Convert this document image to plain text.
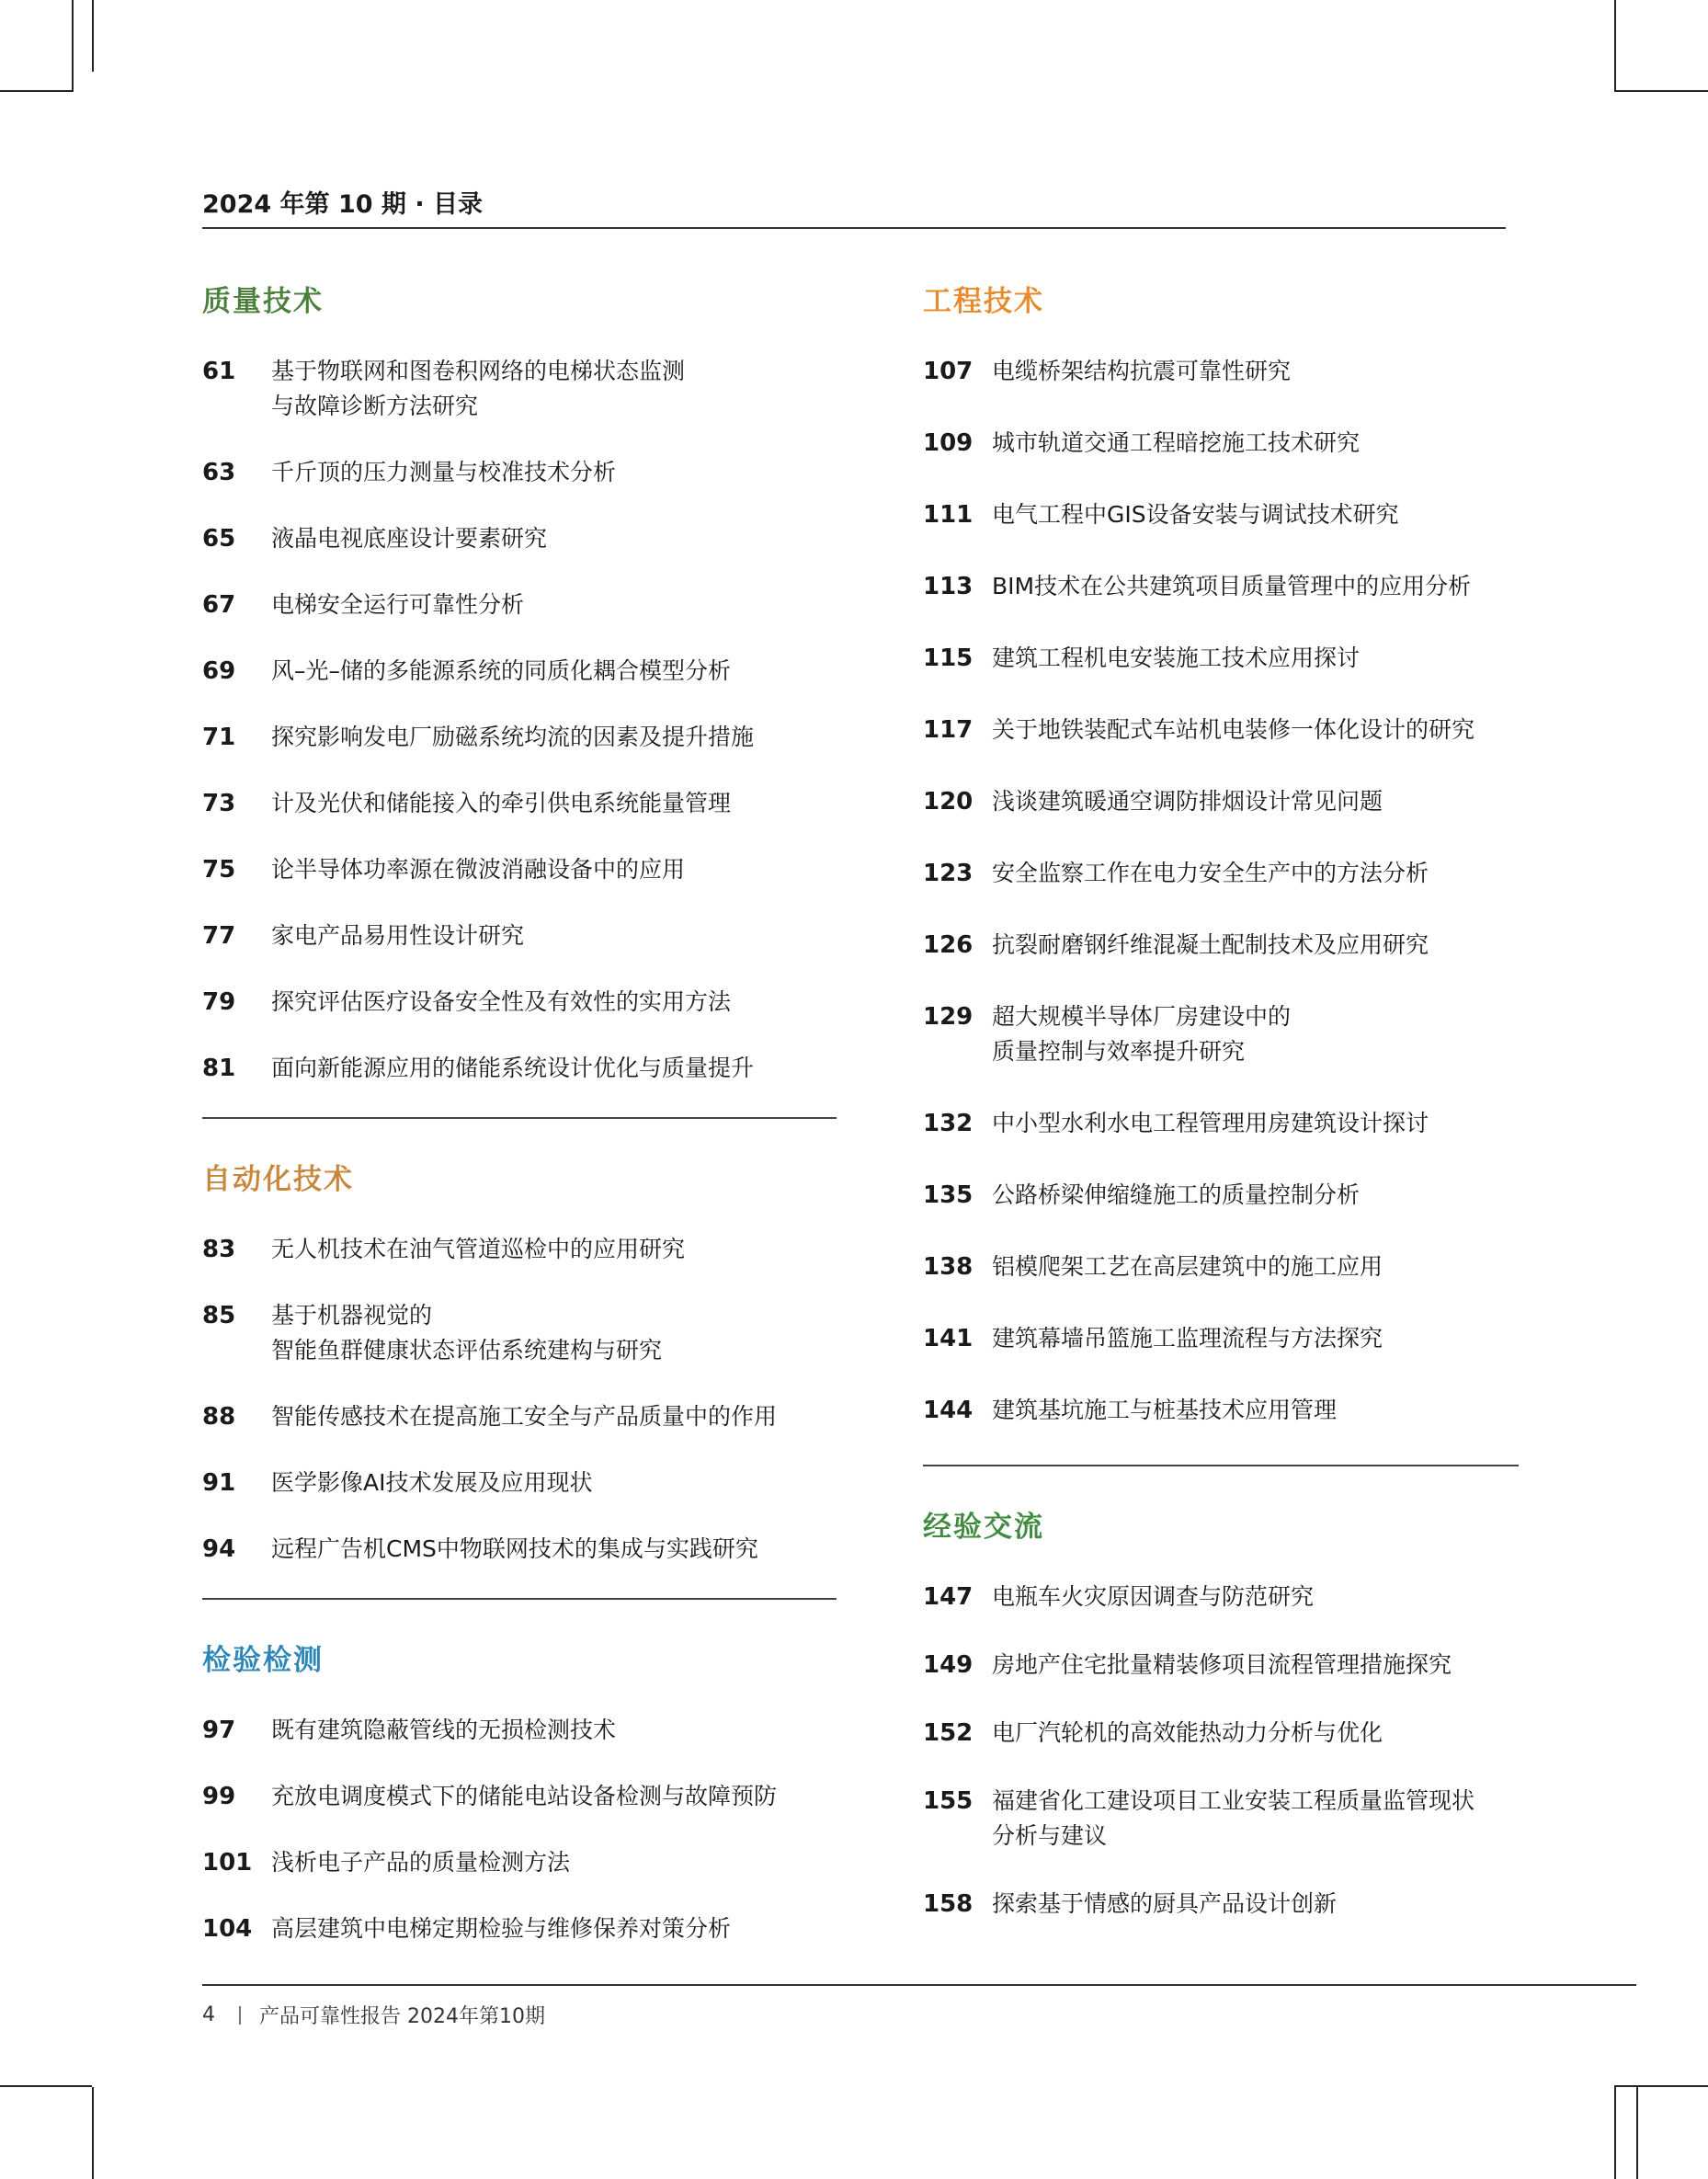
2024 年第 10 期 · 目录
质量技术
61	基于物联网和图卷积网络的电梯状态监测
与故障诊断方法研究
63	千斤顶的压力测量与校准技术分析
65	液晶电视底座设计要素研究
67	电梯安全运行可靠性分析
69	风–光–储的多能源系统的同质化耦合模型分析
71	探究影响发电厂励磁系统均流的因素及提升措施
73	计及光伏和储能接入的牵引供电系统能量管理
75	论半导体功率源在微波消融设备中的应用
77	家电产品易用性设计研究
79	探究评估医疗设备安全性及有效性的实用方法
81	面向新能源应用的储能系统设计优化与质量提升
自动化技术
83	无人机技术在油气管道巡检中的应用研究
85	基于机器视觉的
智能鱼群健康状态评估系统建构与研究
88	智能传感技术在提高施工安全与产品质量中的作用
91	医学影像AI技术发展及应用现状
94	远程广告机CMS中物联网技术的集成与实践研究
检验检测
97	既有建筑隐蔽管线的无损检测技术
99	充放电调度模式下的储能电站设备检测与故障预防
101 浅析电子产品的质量检测方法
104 高层建筑中电梯定期检验与维修保养对策分析
工程技术
107 电缆桥架结构抗震可靠性研究
109 城市轨道交通工程暗挖施工技术研究
111 电气工程中GIS设备安装与调试技术研究
113 BIM技术在公共建筑项目质量管理中的应用分析
115 建筑工程机电安装施工技术应用探讨
117 关于地铁装配式车站机电装修一体化设计的研究
120 浅谈建筑暖通空调防排烟设计常见问题
123 安全监察工作在电力安全生产中的方法分析
126 抗裂耐磨钢纤维混凝土配制技术及应用研究
129 超大规模半导体厂房建设中的
质量控制与效率提升研究
132 中小型水利水电工程管理用房建筑设计探讨
135 公路桥梁伸缩缝施工的质量控制分析
138 铝模爬架工艺在高层建筑中的施工应用
141 建筑幕墙吊篮施工监理流程与方法探究
144 建筑基坑施工与桩基技术应用管理
经验交流
147 电瓶车火灾原因调查与防范研究
149 房地产住宅批量精装修项目流程管理措施探究
152 电厂汽轮机的高效能热动力分析与优化
155 福建省化工建设项目工业安装工程质量监管现状
分析与建议
158 探索基于情感的厨具产品设计创新
4 产品可靠性报告 2024年第10期
